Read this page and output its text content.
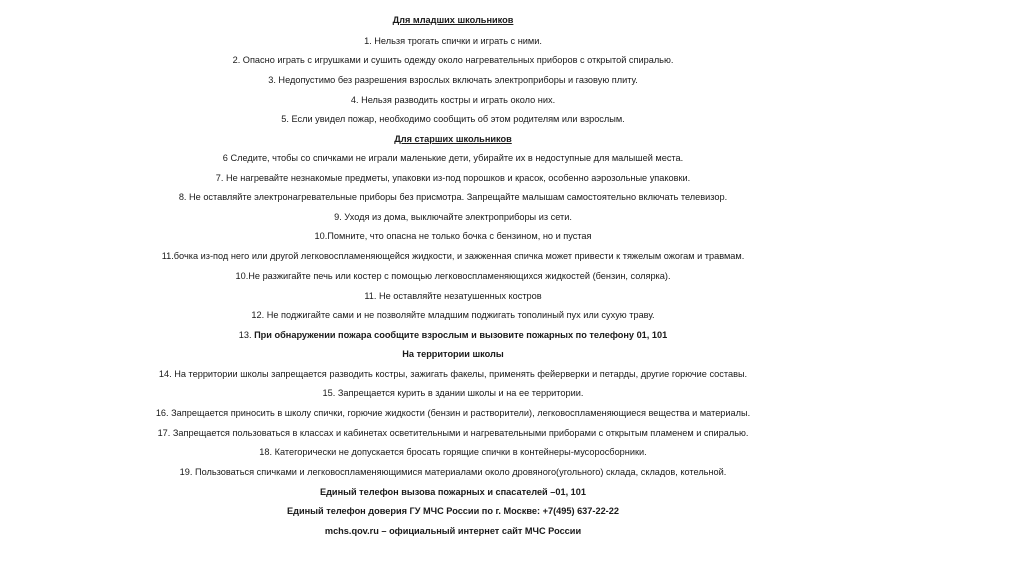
Для младших школьников
1. Нельзя трогать спички и играть с ними.
2. Опасно играть с игрушками и сушить одежду около нагревательных приборов с открытой спиралью.
3. Недопустимо без разрешения взрослых включать электроприборы и газовую плиту.
4. Нельзя разводить костры и играть около них.
5. Если увидел пожар, необходимо сообщить об этом родителям или взрослым.
Для старших школьников
6 Следите, чтобы со спичками не играли маленькие дети, убирайте их в недоступные для малышей места.
7. Не нагревайте незнакомые предметы, упаковки из-под порошков и красок, особенно аэрозольные упаковки.
8. Не оставляйте электронагревательные приборы без присмотра. Запрещайте малышам самостоятельно включать телевизор.
9. Уходя из дома, выключайте электроприборы из сети.
10.Помните, что опасна не только бочка с бензином, но и пустая
11.бочка из-под него или другой легковоспламеняющейся жидкости, и зажженная спичка может привести к тяжелым ожогам и травмам.
10.Не разжигайте печь или костер с помощью легковоспламеняющихся жидкостей (бензин, солярка).
11. Не оставляйте незатушенных костров
12. Не поджигайте сами и не позволяйте младшим поджигать тополиный пух или сухую траву.
13. При обнаружении пожара сообщите взрослым и вызовите пожарных по телефону 01, 101
На территории школы
14. На территории школы запрещается разводить костры, зажигать факелы, применять фейерверки и петарды, другие горючие составы.
15. Запрещается курить в здании школы и на ее территории.
16. Запрещается приносить в школу спички, горючие жидкости (бензин и растворители), легковоспламеняющиеся вещества и материалы.
17. Запрещается пользоваться в классах и кабинетах осветительными и нагревательными приборами с открытым пламенем и спиралью.
18. Категорически не допускается бросать горящие спички в контейнеры-мусоросборники.
19. Пользоваться спичками и легковоспламеняющимися материалами около дровяного(угольного) склада, складов, котельной.
Единый телефон вызова пожарных и спасателей –01, 101
Единый телефон доверия ГУ МЧС России по г. Москве: +7(495) 637-22-22
mchs.qov.ru – официальный интернет сайт МЧС России
